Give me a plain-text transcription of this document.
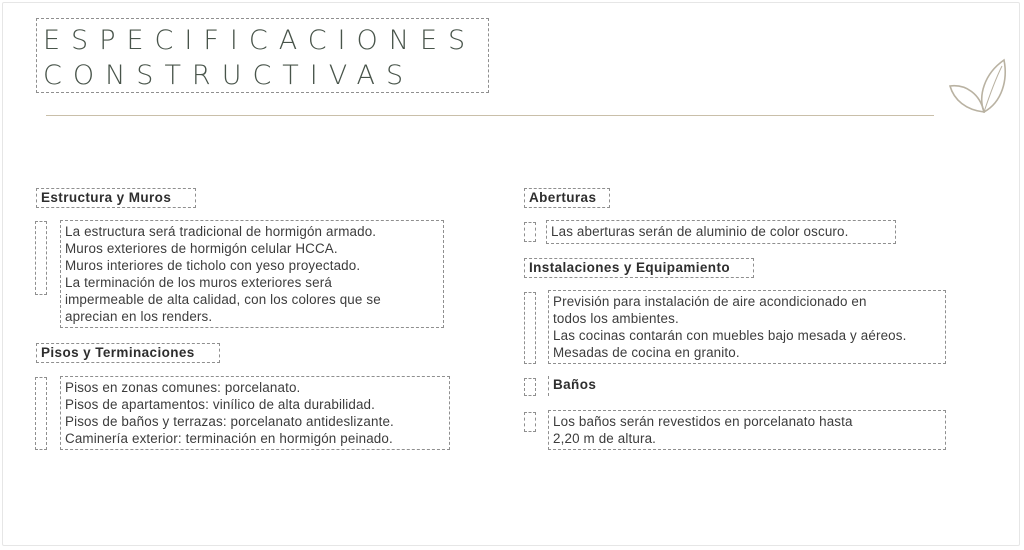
ESPECIFICACIONES
CONSTRUCTIVAS
Estructura y Muros
La estructura será tradicional de hormigón armado.
Muros exteriores de hormigón celular HCCA.
Muros interiores de ticholo con yeso proyectado.
La terminación de los muros exteriores será
impermeable de alta calidad, con los colores que se
aprecian en los renders.
Pisos y Terminaciones
Pisos en zonas comunes: porcelanato.
Pisos de apartamentos: vinílico de alta durabilidad.
Pisos de baños y terrazas: porcelanato antideslizante.
Caminería exterior: terminación en hormigón peinado.
Aberturas
Las aberturas serán de aluminio de color oscuro.
Instalaciones y Equipamiento
Previsión para instalación de aire acondicionado en
todos los ambientes.
Las cocinas contarán con muebles bajo mesada y aéreos.
Mesadas de cocina en granito.
Baños
Los baños serán revestidos en porcelanato hasta
2,20 m de altura.
